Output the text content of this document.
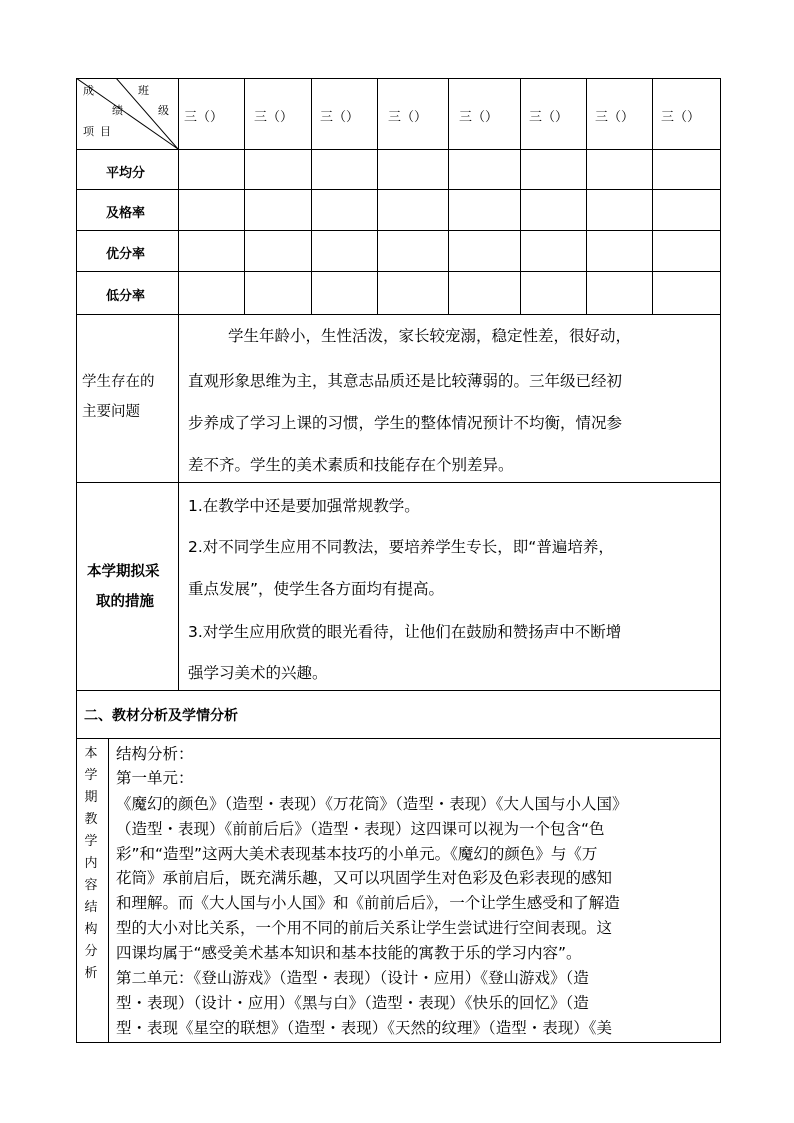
成	班
绩	级
项 目
三（） 三（） 三（） 三（） 三（） 三（） 三（） 三（）
平均分
及格率
优分率
低分率
学生存在的
主要问题
学生年龄小，生性活泼，家长较宠溺，稳定性差，很好动，
直观形象思维为主，其意志品质还是比较薄弱的。三年级已经初
步养成了学习上课的习惯，学生的整体情况预计不均衡，情况参
差不齐。学生的美术素质和技能存在个别差异。
本学期拟采
取的措施
1.在教学中还是要加强常规教学。
2.对不同学生应用不同教法，要培养学生专长，即“普遍培养，
重点发展”，使学生各方面均有提高。
3.对学生应用欣赏的眼光看待，让他们在鼓励和赞扬声中不断增
强学习美术的兴趣。
二、教材分析及学情分析
本
学
期
教
学
内
容
结
构
分
析
结构分析：
第一单元：
《魔幻的颜色》（造型・表现）《万花筒》（造型・表现）《大人国与小人国》
（造型・表现）《前前后后》（造型・表现）这四课可以视为一个包含“色
彩”和“造型”这两大美术表现基本技巧的小单元。《魔幻的颜色》与《万
花筒》承前启后，既充满乐趣，又可以巩固学生对色彩及色彩表现的感知
和理解。而《大人国与小人国》和《前前后后》，一个让学生感受和了解造
型的大小对比关系，一个用不同的前后关系让学生尝试进行空间表现。这
四课均属于“感受美术基本知识和基本技能的寓教于乐的学习内容”。
第二单元：《登山游戏》（造型・表现）（设计・应用）《登山游戏》（造
型・表现）（设计・应用）《黑与白》（造型・表现）《快乐的回忆》（造
型・表现《星空的联想》（造型・表现）《天然的纹理》（造型・表现）《美
